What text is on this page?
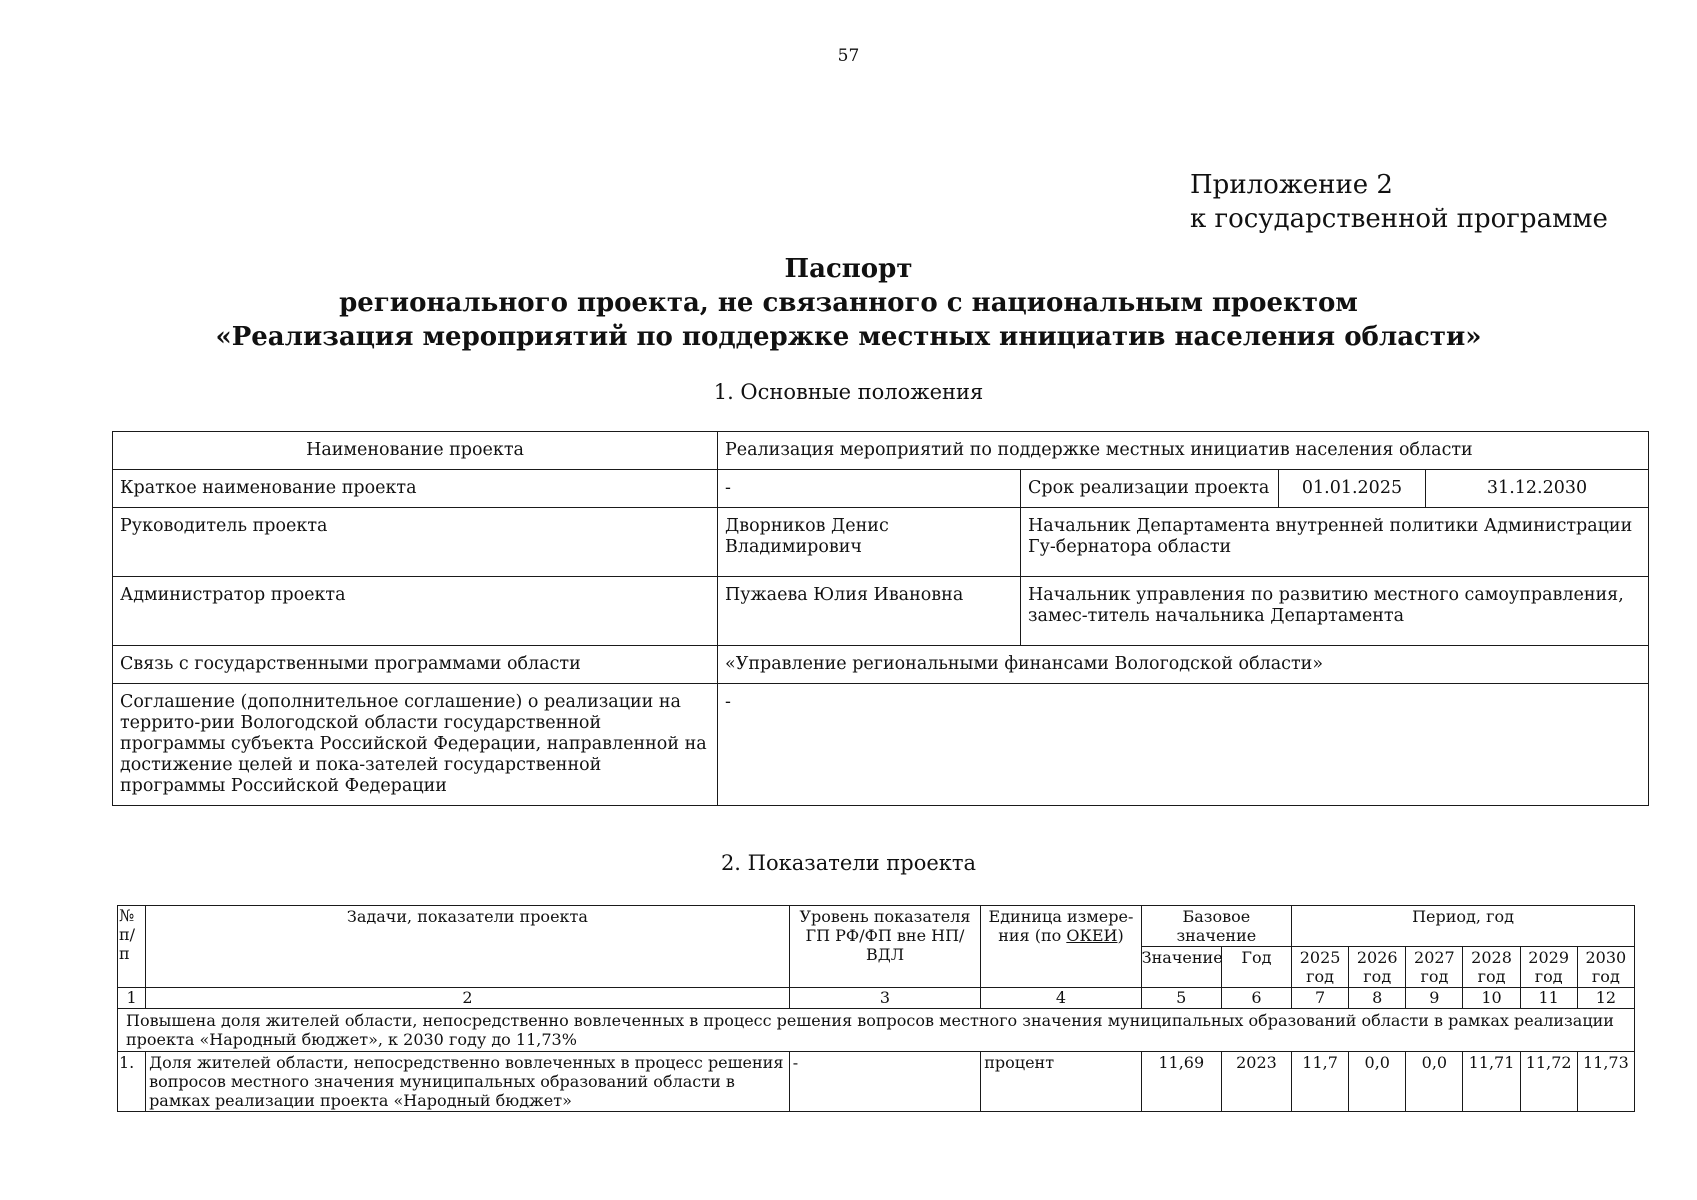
57
Приложение 2
к государственной программе
Паспорт
регионального проекта, не связанного с национальным проектом
«Реализация мероприятий по поддержке местных инициатив населения области»
1. Основные положения
Наименование проекта	Реализация мероприятий по поддержке местных инициатив населения области			
Краткое наименование проекта	-	Срок реализации проекта	01.01.2025	31.12.2030
Руководитель проекта	Дворников Денис Владимирович	Начальник Департамента внутренней политики Администрации Гу-бернатора области		
Администратор проекта	Пужаева Юлия Ивановна	Начальник управления по развитию местного самоуправления, замес-титель начальника Департамента		
Связь с государственными программами области	«Управление региональными финансами Вологодской области»			
Соглашение (дополнительное соглашение) о реализации на террито-рии Вологодской области государственной программы субъекта Российской Федерации, направленной на достижение целей и пока-зателей государственной программы Российской Федерации	-			
2. Показатели проекта
№ п/п	Задачи, показатели проекта	Уровень показателя ГП РФ/ФП вне НП/ВДЛ	Единица измере-ния (по ОКЕИ)	Базовое значение		Период, год					
				Значение	Год	2025 год	2026 год	2027 год	2028 год	2029 год	2030 год
1	2	3	4	5	6	7	8	9	10	11	12
Повышена доля жителей области, непосредственно вовлеченных в процесс решения вопросов местного значения муниципальных образований области в рамках реализации проекта «Народный бюджет», к 2030 году до 11,73%											
1.	Доля жителей области, непосредственно вовлеченных в процесс решения вопросов местного значения муниципальных образований области в рамках реализации проекта «Народный бюджет»	-	процент	11,69	2023	11,7	0,0	0,0	11,71	11,72	11,73
